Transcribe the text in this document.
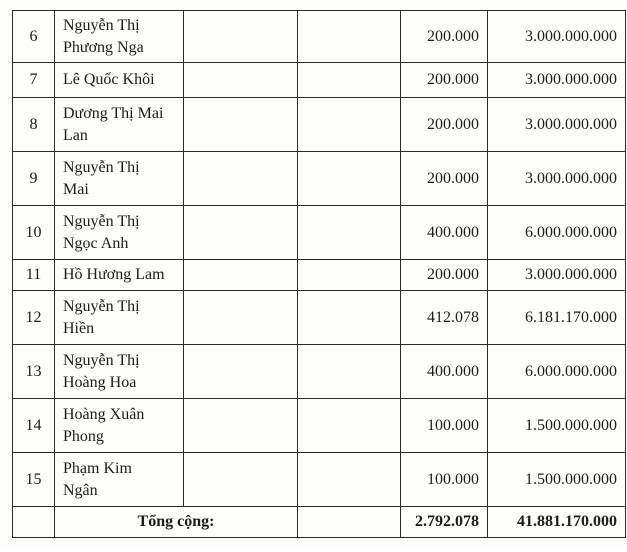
6	Nguyễn Thị
Phương Nga			200.000	3.000.000.000
7	Lê Quốc Khôi			200.000	3.000.000.000
8	Dương Thị Mai
Lan			200.000	3.000.000.000
9	Nguyễn Thị
Mai			200.000	3.000.000.000
10	Nguyễn Thị
Ngọc Anh			400.000	6.000.000.000
11	Hồ Hương Lam			200.000	3.000.000.000
12	Nguyễn Thị
Hiền			412.078	6.181.170.000
13	Nguyễn Thị
Hoàng Hoa			400.000	6.000.000.000
14	Hoàng Xuân
Phong			100.000	1.500.000.000
15	Phạm Kim
Ngân			100.000	1.500.000.000
	Tổng cộng:			2.792.078	41.881.170.000
